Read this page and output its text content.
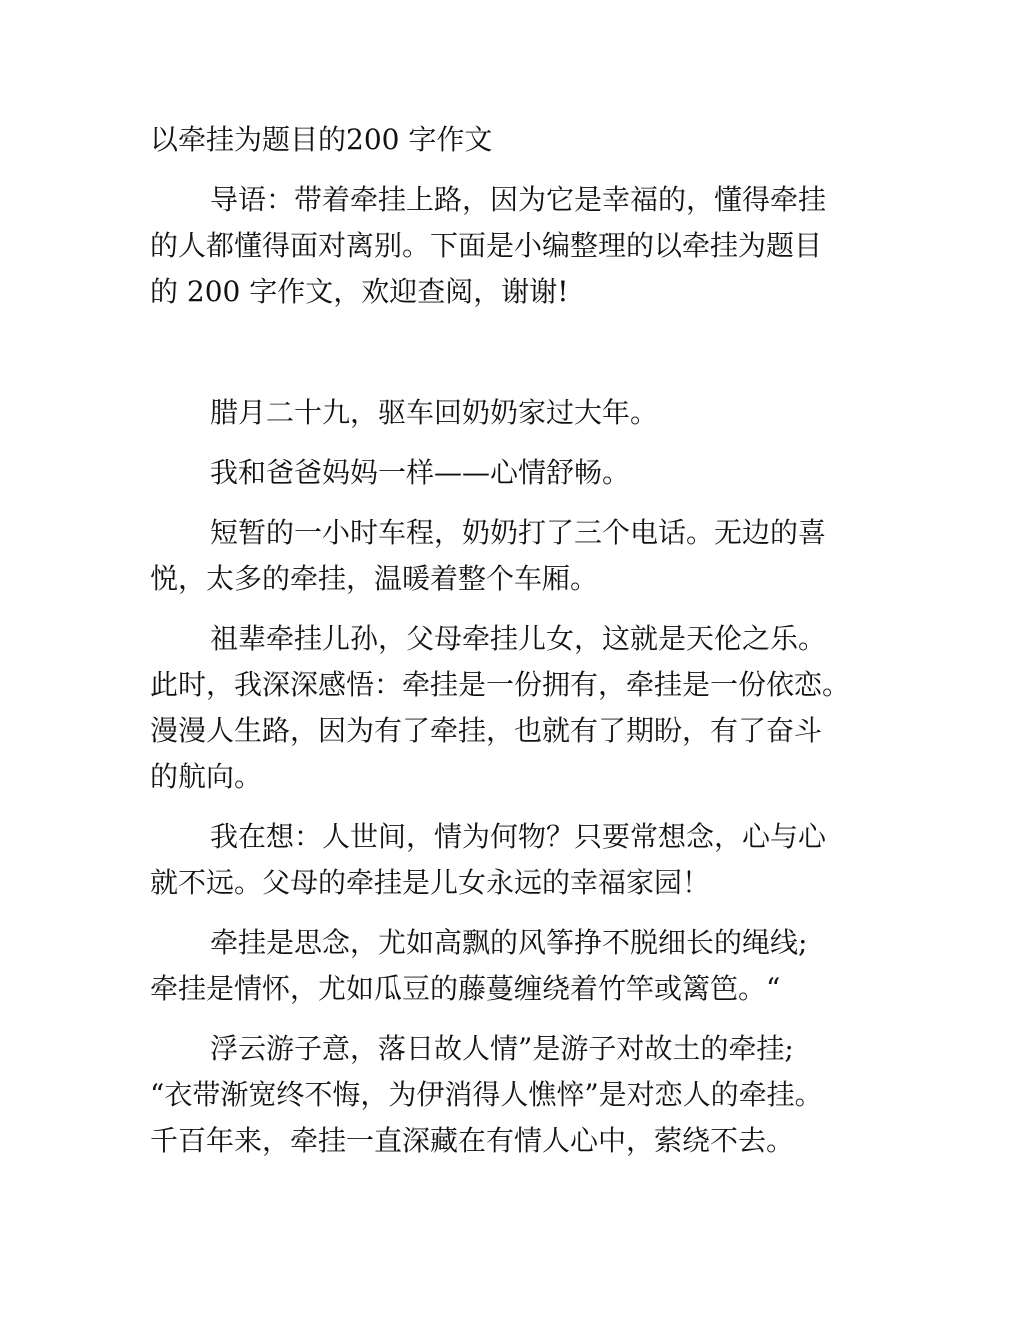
以牵挂为题目的200 字作文
导语：带着牵挂上路，因为它是幸福的，懂得牵挂
的人都懂得面对离别。下面是小编整理的以牵挂为题目
的 200 字作文，欢迎查阅，谢谢!
腊月二十九，驱车回奶奶家过大年。
我和爸爸妈妈一样——心情舒畅。
短暂的一小时车程，奶奶打了三个电话。无边的喜
悦，太多的牵挂，温暖着整个车厢。
祖辈牵挂儿孙，父母牵挂儿女，这就是天伦之乐。
此时，我深深感悟：牵挂是一份拥有，牵挂是一份依恋。
漫漫人生路，因为有了牵挂，也就有了期盼，有了奋斗
的航向。
我在想：人世间，情为何物？只要常想念，心与心
就不远。父母的牵挂是儿女永远的幸福家园！
牵挂是思念，尤如高飘的风筝挣不脱细长的绳线;
牵挂是情怀，尤如瓜豆的藤蔓缠绕着竹竿或篱笆。“
浮云游子意，落日故人情”是游子对故土的牵挂;
“衣带渐宽终不悔，为伊消得人憔悴”是对恋人的牵挂。
千百年来，牵挂一直深藏在有情人心中，萦绕不去。
